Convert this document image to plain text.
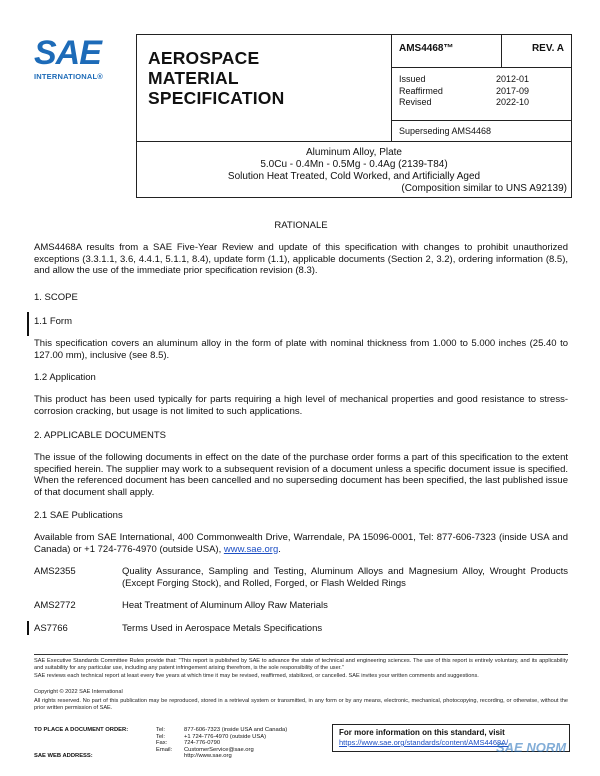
SAE
INTERNATIONAL®
AEROSPACE
MATERIAL SPECIFICATION
AMS4468™	REV. A
Issued	2012-01
Reaffirmed	2017-09
Revised	2022-10
Superseding AMS4468
Aluminum Alloy, Plate
5.0Cu - 0.4Mn - 0.5Mg - 0.4Ag (2139-T84)
Solution Heat Treated, Cold Worked, and Artificially Aged
(Composition similar to UNS A92139)
RATIONALE
AMS4468A results from a SAE Five-Year Review and update of this specification with changes to prohibit unauthorized exceptions (3.3.1.1, 3.6, 4.4.1, 5.1.1, 8.4), update form (1.1), applicable documents (Section 2, 3.2), ordering information (8.5), and allow the use of the immediate prior specification revision (8.3).
1. SCOPE
1.1 Form
This specification covers an aluminum alloy in the form of plate with nominal thickness from 1.000 to 5.000 inches (25.40 to 127.00 mm), inclusive (see 8.5).
1.2 Application
This product has been used typically for parts requiring a high level of mechanical properties and good resistance to stress-corrosion cracking, but usage is not limited to such applications.
2. APPLICABLE DOCUMENTS
The issue of the following documents in effect on the date of the purchase order forms a part of this specification to the extent specified herein. The supplier may work to a subsequent revision of a document unless a specific document issue is specified. When the referenced document has been cancelled and no superseding document has been specified, the last published issue of that document shall apply.
2.1 SAE Publications
Available from SAE International, 400 Commonwealth Drive, Warrendale, PA 15096-0001, Tel: 877-606-7323 (inside USA and Canada) or +1 724-776-4970 (outside USA), www.sae.org.
AMS2355	Quality Assurance, Sampling and Testing, Aluminum Alloys and Magnesium Alloy, Wrought Products (Except Forging Stock), and Rolled, Forged, or Flash Welded Rings
AMS2772	Heat Treatment of Aluminum Alloy Raw Materials
AS7766	Terms Used in Aerospace Metals Specifications
SAE Executive Standards Committee Rules provide that: “This report is published by SAE to advance the state of technical and engineering sciences. The use of this report is entirely voluntary, and its applicability and suitability for any particular use, including any patent infringement arising therefrom, is the sole responsibility of the user.”
SAE reviews each technical report at least every five years at which time it may be revised, reaffirmed, stabilized, or cancelled. SAE invites your written comments and suggestions.
Copyright © 2022 SAE International
All rights reserved. No part of this publication may be reproduced, stored in a retrieval system or transmitted, in any form or by any means, electronic, mechanical, photocopying, recording, or otherwise, without the prior written permission of SAE.
TO PLACE A DOCUMENT ORDER:	Tel:	877-606-7323 (inside USA and Canada)
Tel:	+1 724-776-4970 (outside USA)
Fax:	724-776-0790
Email:	CustomerService@sae.org
SAE WEB ADDRESS:	http://www.sae.org
For more information on this standard, visit
https://www.sae.org/standards/content/AMS4468A/
SAE NORM
